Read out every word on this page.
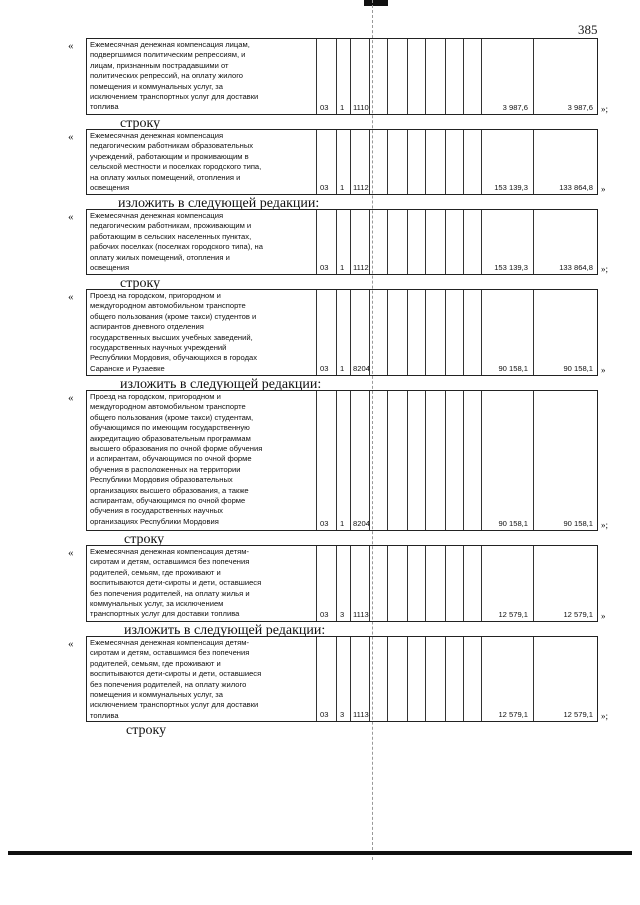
385
« Ежемесячная денежная компенсация лицам,
подвергшимся политическим репрессиям, и
лицам, признанным пострадавшими от
политических репрессий, на оплату жилого
помещения и коммунальных услуг, за
исключением транспортных услуг для доставки
топлива	03 1 1110	3 987,6	3 987,6 »;
строку
« Ежемесячная денежная компенсация
педагогическим работникам образовательных
учреждений, работающим и проживающим в
сельской местности и поселках городского типа,
на оплату жилых помещений, отопления и
освещения	03 1 1112	153 139,3	133 864,8 »
изложить в следующей редакции:
« Ежемесячная денежная компенсация
педагогическим работникам, проживающим и
работающим в сельских населенных пунктах,
рабочих поселках (поселках городского типа), на
оплату жилых помещений, отопления и
освещения	03 1 1112	153 139,3	133 864,8 »;
строку
« Проезд на городском, пригородном и
междугородном автомобильном транспорте
общего пользования (кроме такси) студентов и
аспирантов дневного отделения
государственных высших учебных заведений,
государственных научных учреждений
Республики Мордовия, обучающихся в городах
Саранске и Рузаевке	03 1 8204	90 158,1	90 158,1 »
изложить в следующей редакции:
« Проезд на городском, пригородном и
междугородном автомобильном транспорте
общего пользования (кроме такси) студентам,
обучающимся по имеющим государственную
аккредитацию образовательным программам
высшего образования по очной форме обучения
и аспирантам, обучающимся по очной форме
обучения в расположенных на территории
Республики Мордовия образовательных
организациях высшего образования, а также
аспирантам, обучающимся по очной форме
обучения в государственных научных
организациях Республики Мордовия	03 1 8204	90 158,1	90 158,1 »;
строку
« Ежемесячная денежная компенсация детям-
сиротам и детям, оставшимся без попечения
родителей, семьям, где проживают и
воспитываются дети-сироты и дети, оставшиеся
без попечения родителей, на оплату жилья и
коммунальных услуг, за исключением
транспортных услуг для доставки топлива	03 3 1113	12 579,1	12 579,1 »
изложить в следующей редакции:
« Ежемесячная денежная компенсация детям-
сиротам и детям, оставшимся без попечения
родителей, семьям, где проживают и
воспитываются дети-сироты и дети, оставшиеся
без попечения родителей, на оплату жилого
помещения и коммунальных услуг, за
исключением транспортных услуг для доставки
топлива	03 3 1113	12 579,1	12 579,1 »;
строку
